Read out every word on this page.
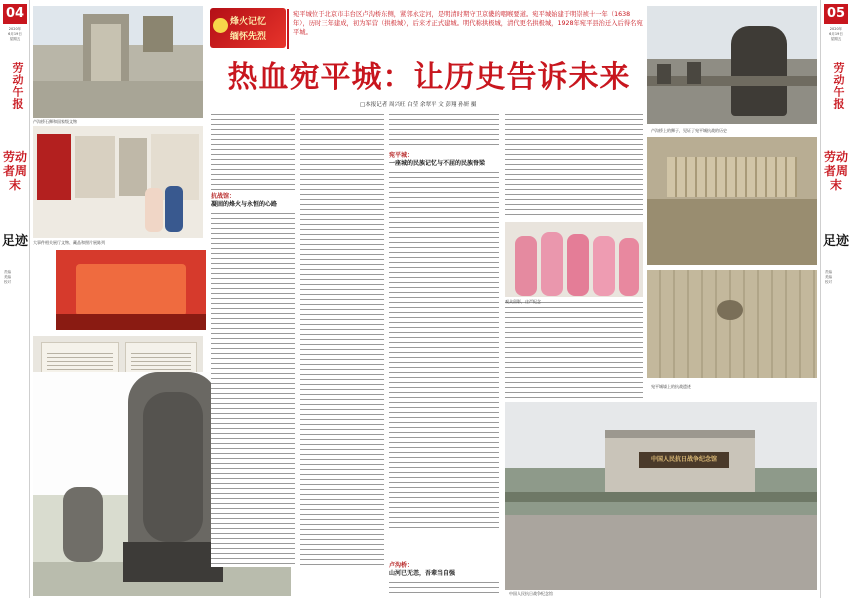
04
2020年
6月19日
星期五
劳动午报
劳动者周末
足迹
责编
美编
校对
05
2020年
6月19日
星期五
劳动午报
劳动者周末
足迹
责编
美编
校对
卢沟桥石狮和国家级文物
大事件相关展厅文物、藏品和照片展陈列
烽火记忆
缅怀先烈
宛平城位于北京市丰台区卢沟桥东侧，紧邻永定河，是明清时期守卫京畿的咽喉要道。宛平城始建于明崇祯十一年（1638年），历时三年建成，初为军营（拱极城），后来才正式建城。明代称拱极城，清代更名拱极城，1928年宛平县治迁入后得名宛平城。
热血宛平城：让历史告诉未来
□本报记者 周兴旺 白莹 余翠平 文 彭翔 孙妍 摄
抗战馆：
凝固的烽火与永恒的心路
宛平城：
一座城的民族记忆与不屈的民族脊梁
卢沟桥：
山河已无恙，吾辈当自强
卢沟桥上的狮子，见证了宛平城抗战的历史
观众留影，庄严纪念
宛平城墙上的抗战遗迹
中国人民抗日战争纪念馆
中国人民抗日战争纪念馆
